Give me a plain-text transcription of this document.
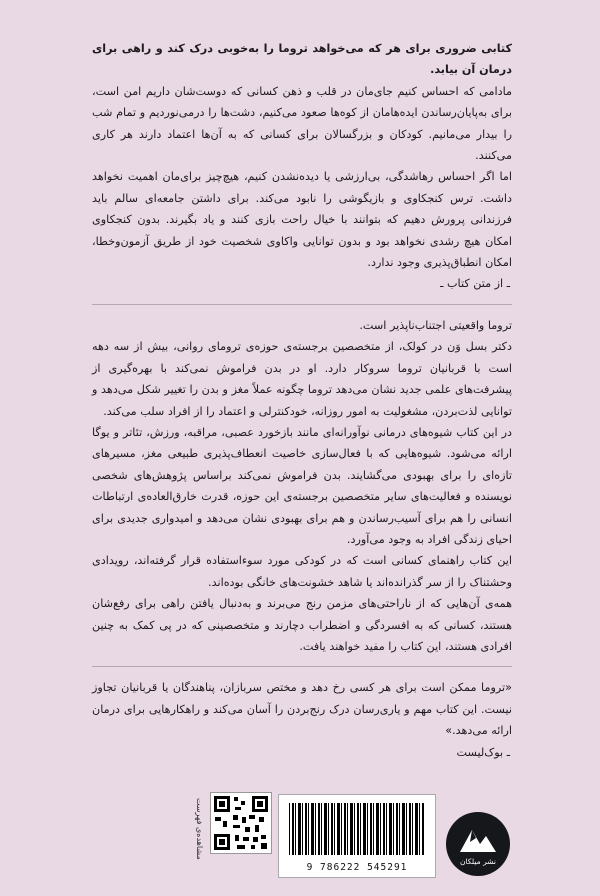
کتابی ضروری برای هر که می‌خواهد تروما را به‌خوبی درک کند و راهی برای درمان آن بیابد.

مادامی که احساس کنیم جای‌مان در قلب و ذهن کسانی که دوست‌شان داریم امن است، برای به‌پایان‌رساندن ایده‌هامان از کوه‌ها صعود می‌کنیم، دشت‌ها را درمی‌نوردیم و تمام شب را بیدار می‌مانیم. کودکان و بزرگسالان برای کسانی که به آن‌ها اعتماد دارند هر کاری می‌کنند.

اما اگر احساس رهاشدگی، بی‌ارزشی یا دیده‌نشدن کنیم، هیچ‌چیز برای‌مان اهمیت نخواهد داشت. ترس کنجکاوی و بازیگوشی را نابود می‌کند. برای داشتن جامعه‌ای سالم باید فرزندانی پرورش دهیم که بتوانند با خیال راحت بازی کنند و یاد بگیرند. بدون کنجکاوی امکان هیچ رشدی نخواهد بود و بدون توانایی واکاوی شخصیت خود از طریق آزمون‌وخطا، امکان انطباق‌پذیری وجود ندارد.

ـ از متن کتاب ـ

تروما واقعیتی اجتناب‌ناپذیر است.

دکتر بسل وَن در کولک، از متخصصین برجسته‌ی حوزه‌ی ترومای روانی، بیش از سه دهه است با قربانیان تروما سروکار دارد. او در بدن فراموش نمی‌کند با بهره‌گیری از پیشرفت‌های علمی جدید نشان می‌دهد تروما چگونه عملاً مغز و بدن را تغییر شکل می‌دهد و توانایی لذت‌بردن، مشغولیت به امور روزانه، خودکنترلی و اعتماد را از افراد سلب می‌کند.

در این کتاب شیوه‌های درمانی نوآورانه‌ای مانند بازخورد عصبی، مراقبه، ورزش، تئاتر و یوگا ارائه می‌شود. شیوه‌هایی که با فعال‌سازی خاصیت انعطاف‌پذیری طبیعی مغز، مسیرهای تازه‌ای را برای بهبودی می‌گشایند. بدن فراموش نمی‌کند براساس پژوهش‌های شخصی نویسنده و فعالیت‌های سایر متخصصین برجسته‌ی این حوزه، قدرت خارق‌العاده‌ی ارتباطات انسانی را هم برای آسیب‌رساندن و هم برای بهبودی نشان می‌دهد و امیدواری جدیدی برای احیای زندگی افراد به وجود می‌آورد.

این کتاب راهنمای کسانی است که در کودکی مورد سوءاستفاده قرار گرفته‌اند، رویدادی وحشتناک را از سر گذرانده‌اند یا شاهد خشونت‌های خانگی بوده‌اند.

همه‌ی آن‌هایی که از ناراحتی‌های مزمن رنج می‌برند و به‌دنبال یافتن راهی برای رفع‌شان هستند، کسانی که به افسردگی و اضطراب دچارند و متخصصینی که در پی کمک به چنین افرادی هستند، این کتاب را مفید خواهند یافت.

«تروما ممکن است برای هر کسی رخ دهد و مختص سربازان، پناهندگان یا قربانیان تجاوز نیست. این کتاب مهم و یاری‌رسان درک رنج‌بردن را آسان می‌کند و راهکارهایی برای درمان ارائه می‌دهد.»

ـ بوک‌لیست

مشاهده‌ی فهرست
9 786222 545291
نشر میلکان
